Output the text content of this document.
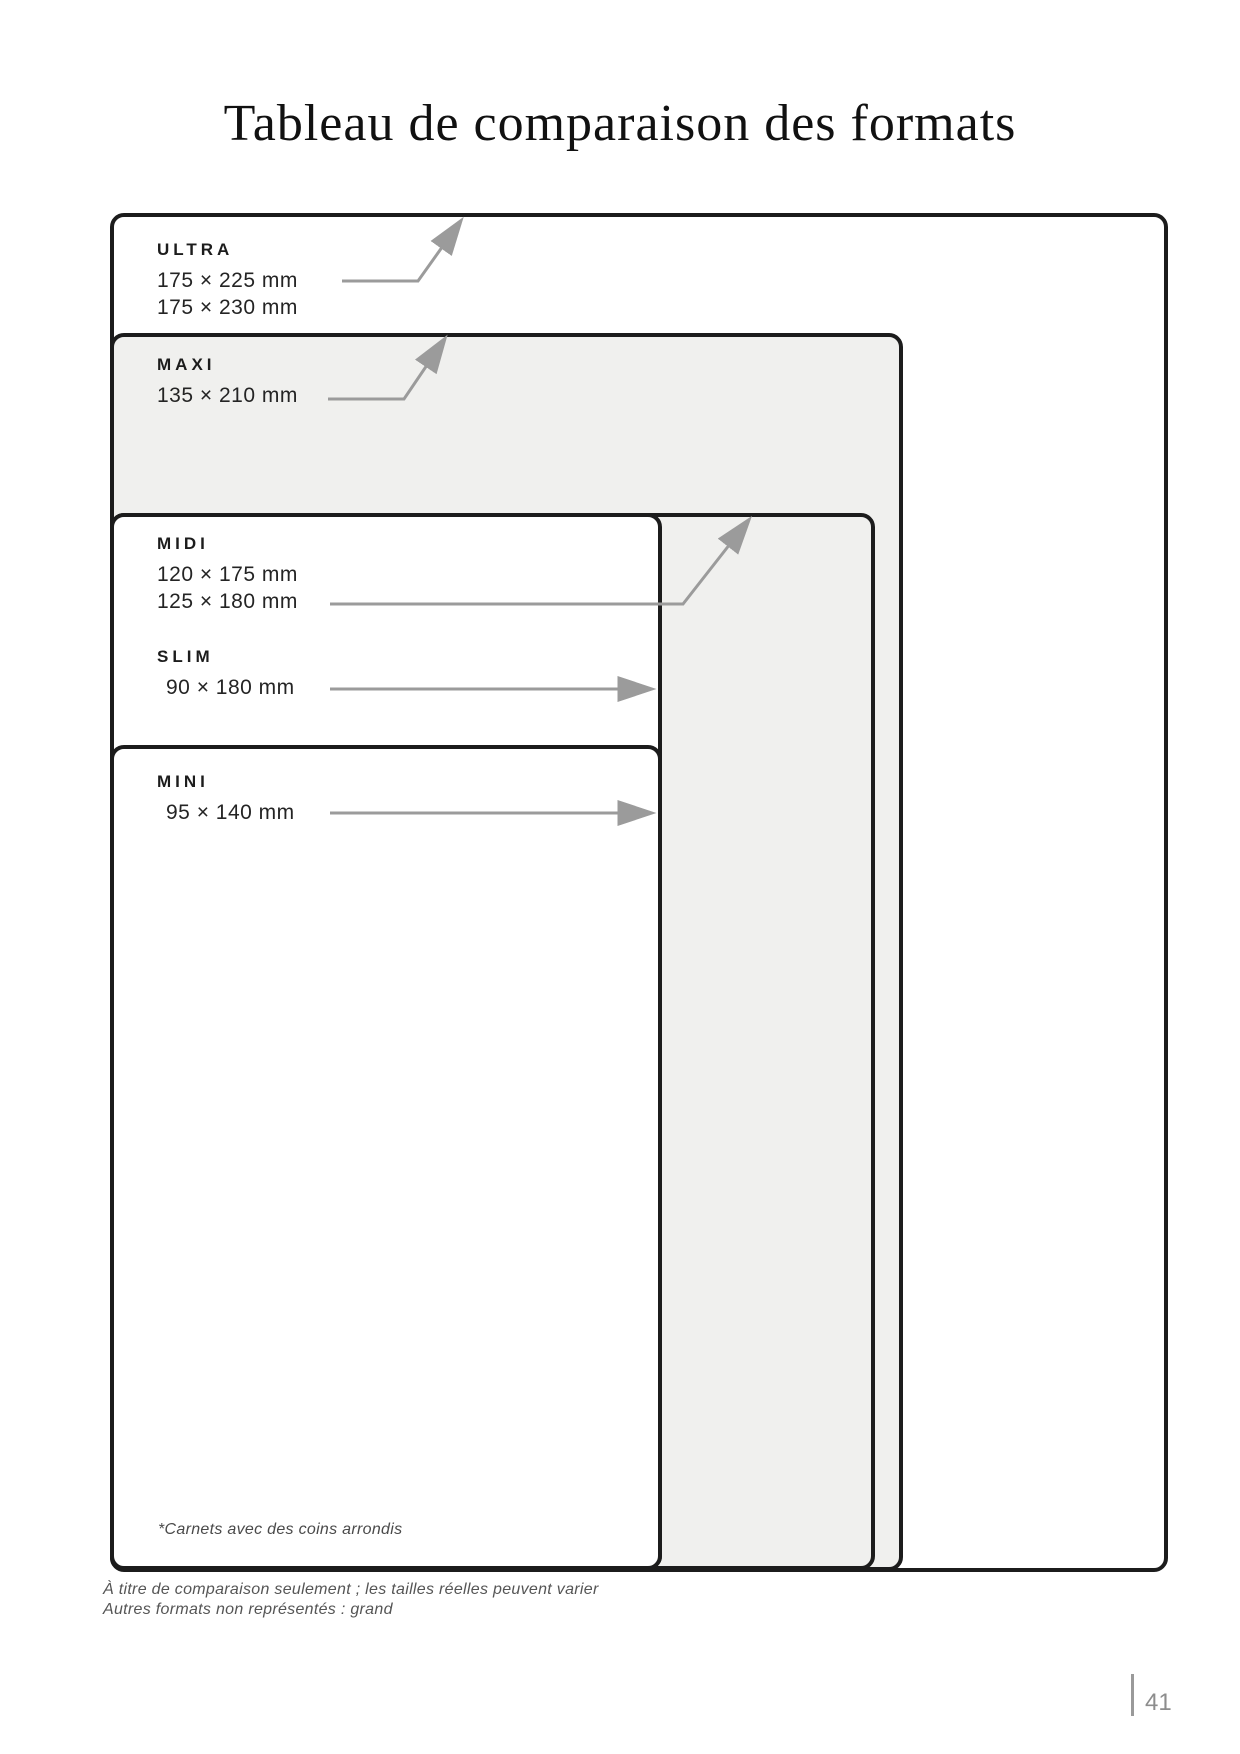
Tableau de comparaison des formats
ULTRA
175 × 225 mm
175 × 230 mm
MAXI
135 × 210 mm
MIDI
120 × 175 mm
125 × 180 mm
SLIM
90 × 180 mm
MINI
95 × 140 mm
*Carnets avec des coins arrondis
À titre de comparaison seulement ; les tailles réelles peuvent varier
Autres formats non représentés : grand
41
